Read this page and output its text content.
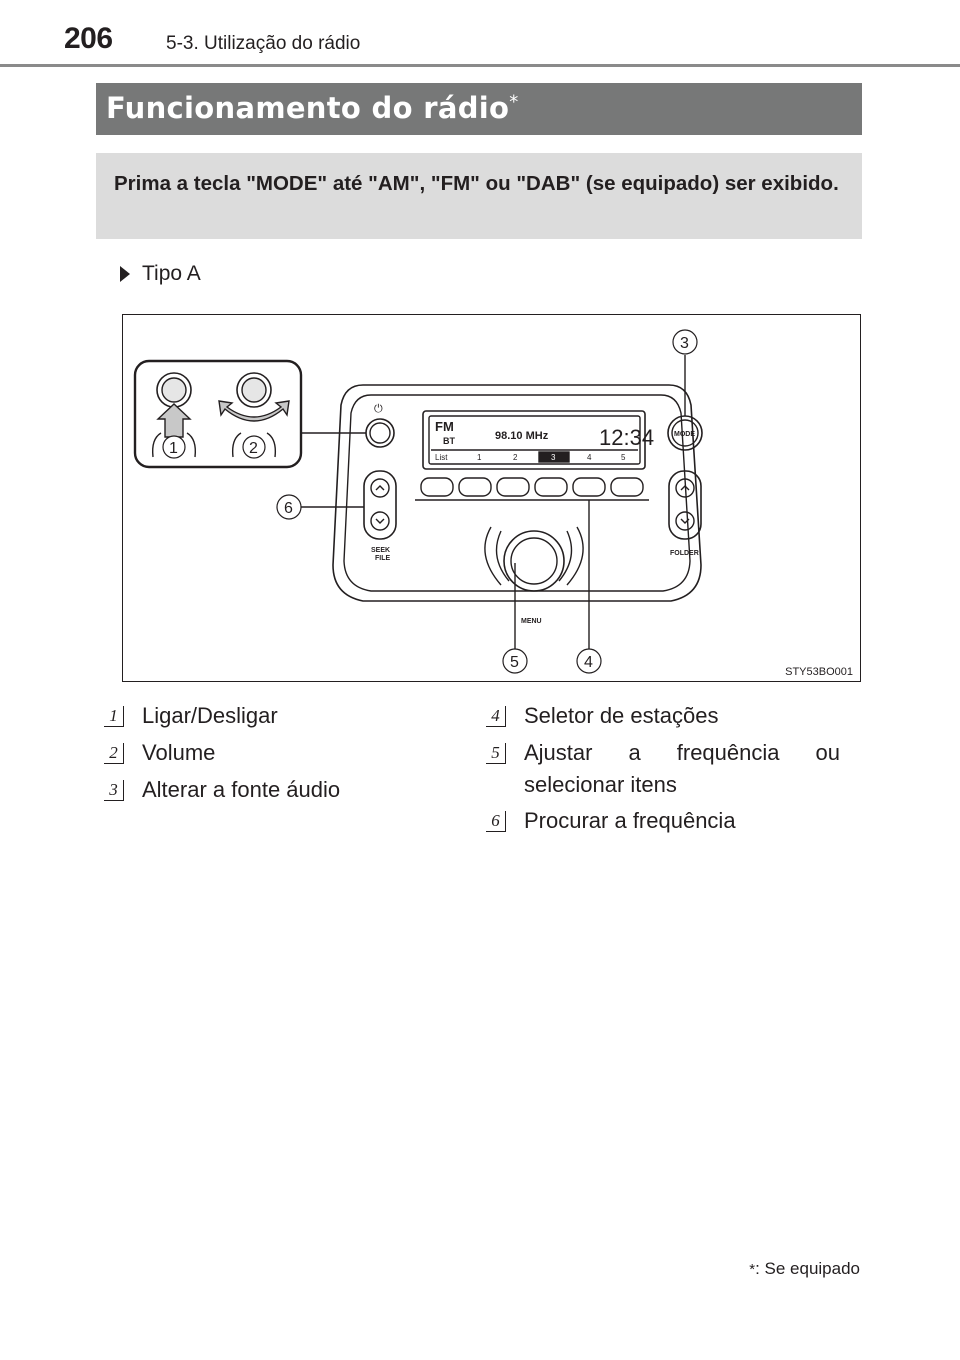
206	5-3. Utilização do rádio
Funcionamento do rádio*
Prima a tecla "MODE" até "AM", "FM" ou "DAB" (se equipado) ser exibido.
Tipo A
⏻
FM
BT	98.10 MHz 12:34
List	1	2	3	4	5
SEEK
FILE
FOLDER
MODE
MENU
1	2
3
4
5
6
STY53BO001
1 Ligar/Desligar
2 Volume
3 Alterar a fonte áudio
4 Seletor de estações
5 Ajustar a frequência ou selecionar itens
6 Procurar a frequência
*: Se equipado
